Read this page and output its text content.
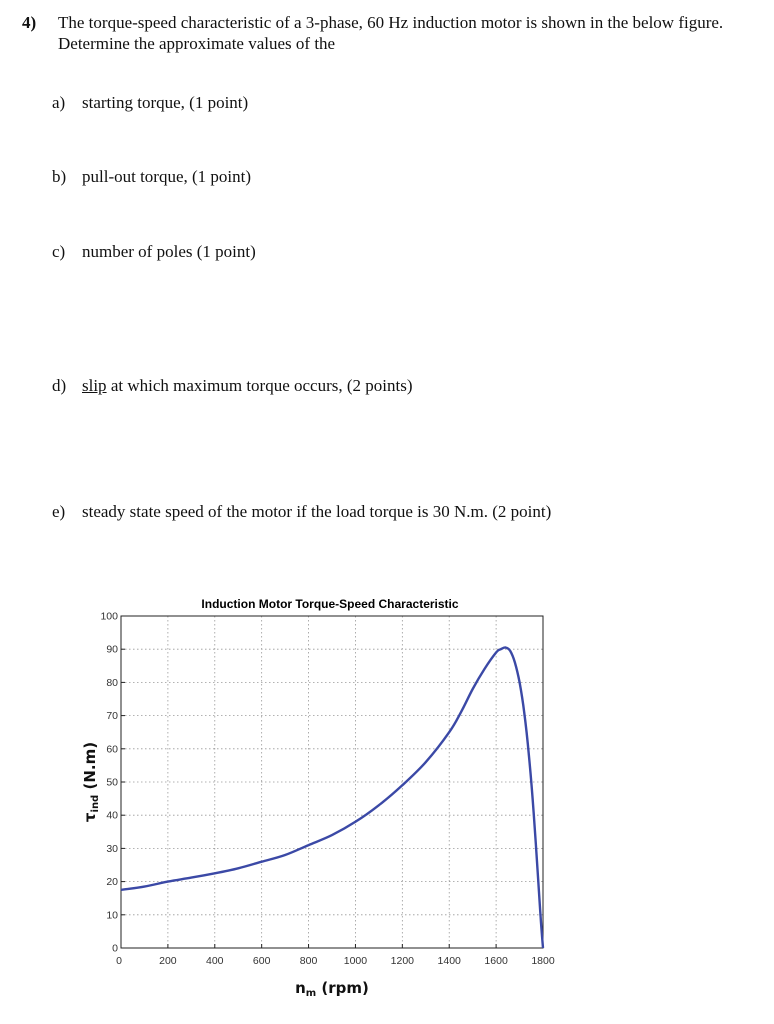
4) The torque-speed characteristic of a 3-phase, 60 Hz induction motor is shown in the below figure. Determine the approximate values of the
a) starting torque, (1 point)
b) pull-out torque, (1 point)
c) number of poles (1 point)
d) slip at which maximum torque occurs, (2 points)
e) steady state speed of the motor if the load torque is 30 N.m. (2 point)
Induction Motor Torque-Speed Characteristic
0	200	400	600	800	1000 1200 1400 1600 1800
0
10
20
30
40
50
60
70
80
90
100
$\tau_{ind}$ (N.m)
$n_m$ (rpm)
